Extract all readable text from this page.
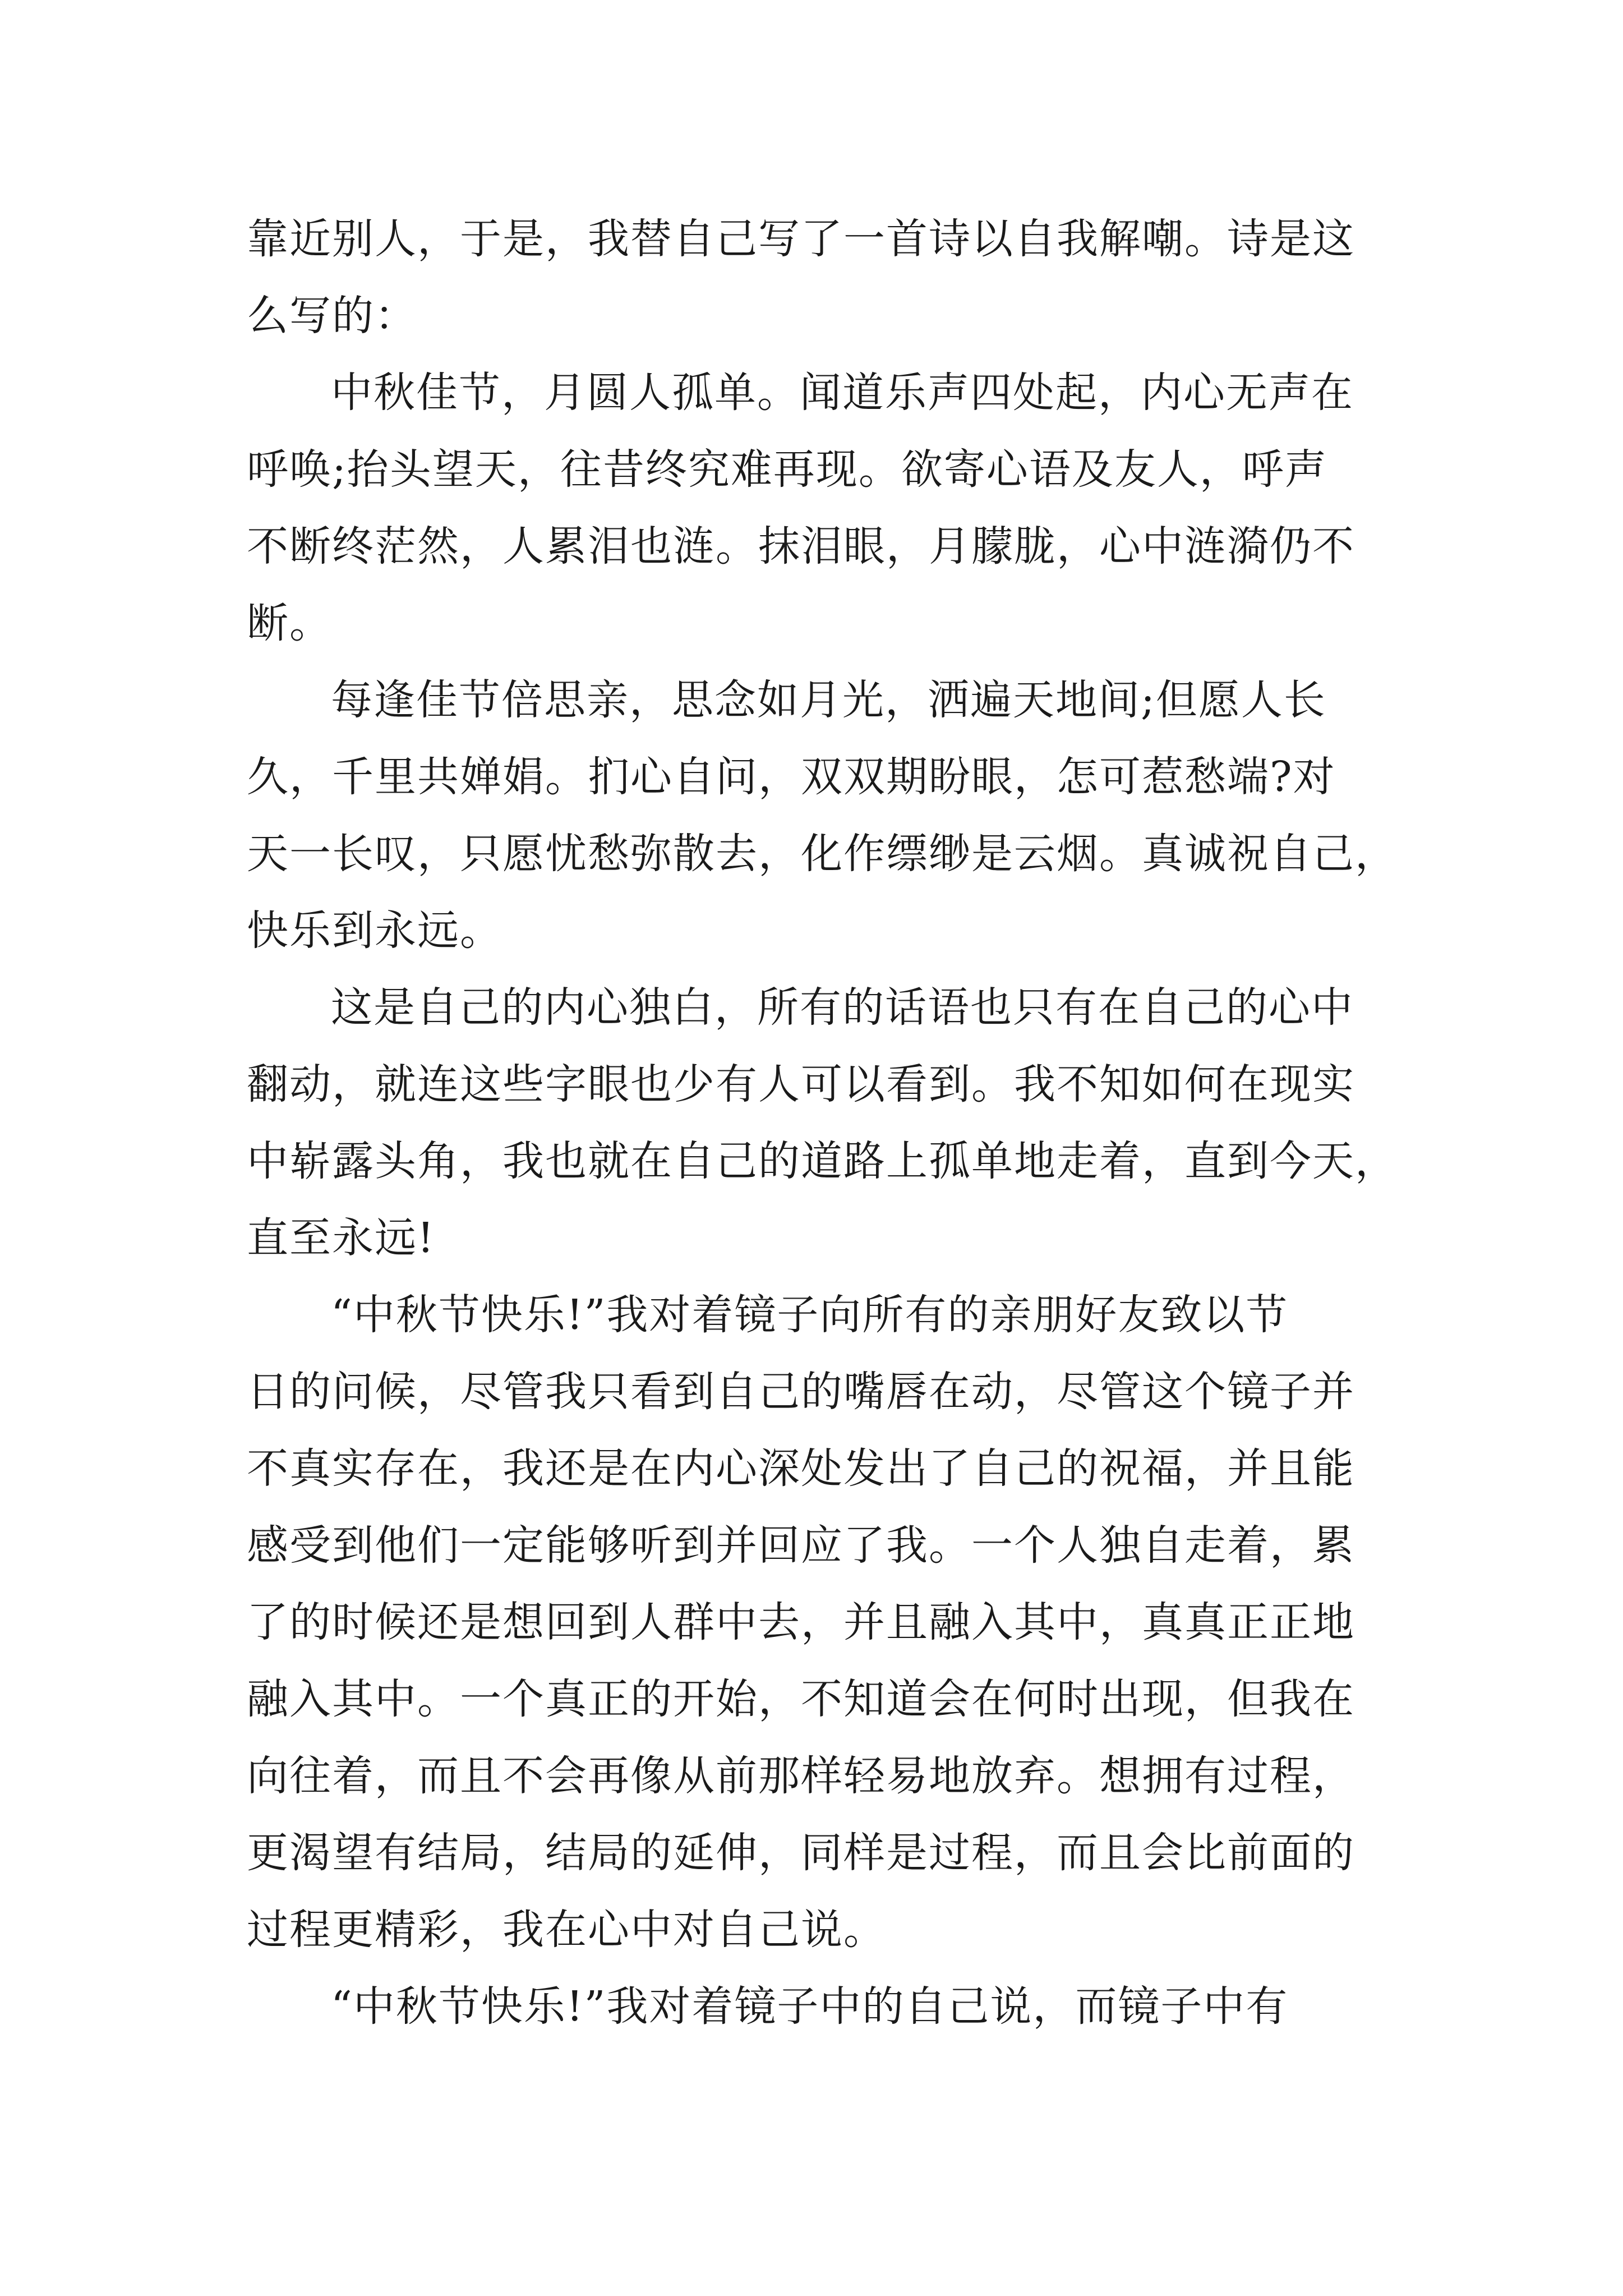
靠近别人，于是，我替自己写了一首诗以自我解嘲。诗是这
么写的：
中秋佳节，月圆人孤单。闻道乐声四处起，内心无声在
呼唤;抬头望天，往昔终究难再现。欲寄心语及友人，呼声
不断终茫然，人累泪也涟。抹泪眼，月朦胧，心中涟漪仍不
断。
每逢佳节倍思亲，思念如月光，洒遍天地间;但愿人长
久，千里共婵娟。扪心自问，双双期盼眼，怎可惹愁端?对
天一长叹，只愿忧愁弥散去，化作缥缈是云烟。真诚祝自己，
快乐到永远。
这是自己的内心独白，所有的话语也只有在自己的心中
翻动，就连这些字眼也少有人可以看到。我不知如何在现实
中崭露头角，我也就在自己的道路上孤单地走着，直到今天，
直至永远!
“中秋节快乐!”我对着镜子向所有的亲朋好友致以节
日的问候，尽管我只看到自己的嘴唇在动，尽管这个镜子并
不真实存在，我还是在内心深处发出了自己的祝福，并且能
感受到他们一定能够听到并回应了我。一个人独自走着，累
了的时候还是想回到人群中去，并且融入其中，真真正正地
融入其中。一个真正的开始，不知道会在何时出现，但我在
向往着，而且不会再像从前那样轻易地放弃。想拥有过程，
更渴望有结局，结局的延伸，同样是过程，而且会比前面的
过程更精彩，我在心中对自己说。
“中秋节快乐!”我对着镜子中的自己说，而镜子中有
